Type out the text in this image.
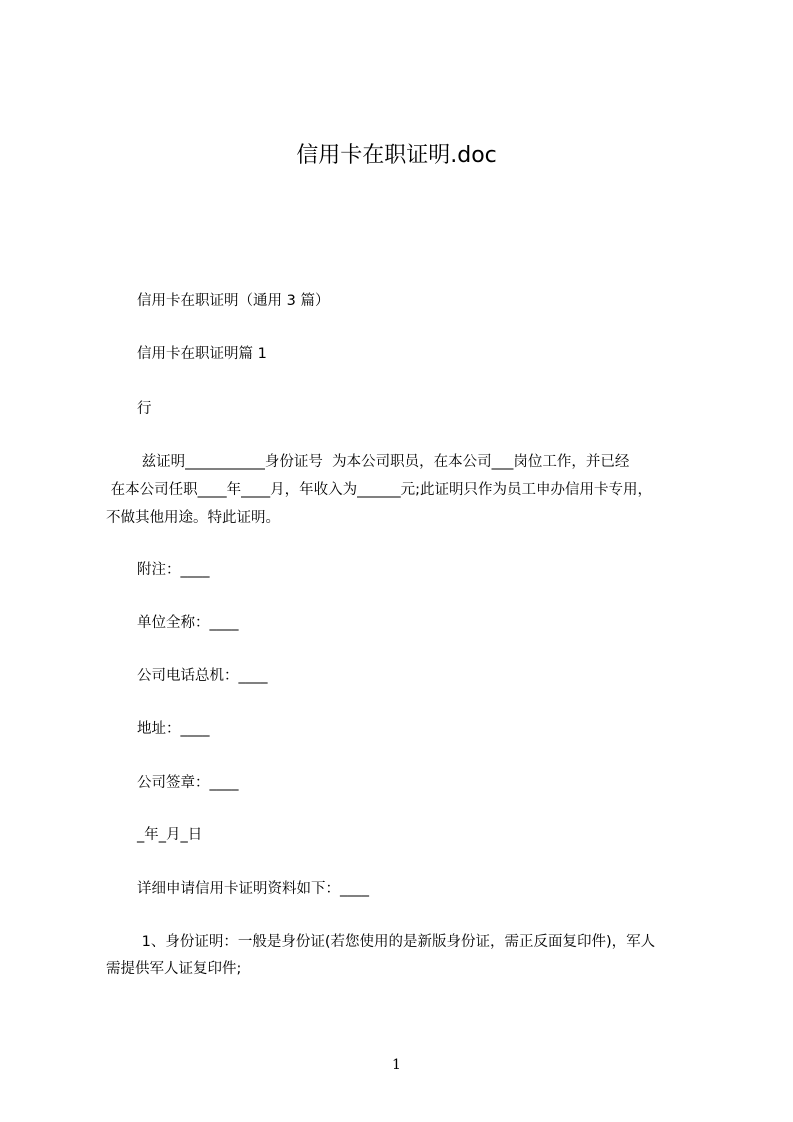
信用卡在职证明.doc
信用卡在职证明（通用 3 篇）
信用卡在职证明篇 1
行
兹证明___________身份证号  为本公司职员，在本公司___岗位工作，并已经
在本公司任职____年____月，年收入为______元;此证明只作为员工申办信用卡专用，
不做其他用途。特此证明。
附注：____
单位全称：____
公司电话总机：____
地址：____
公司签章：____
_年_月_日
详细申请信用卡证明资料如下：____
1、身份证明：一般是身份证(若您使用的是新版身份证，需正反面复印件)，军人
需提供军人证复印件;
1
